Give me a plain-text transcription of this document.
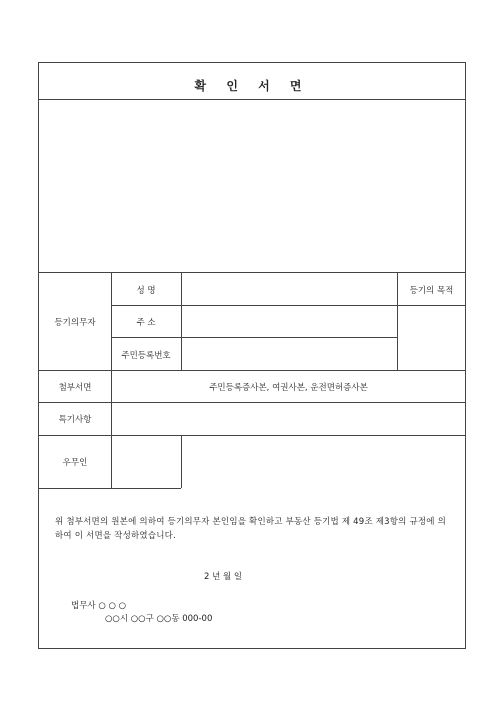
확 인 서 면
등기의무자
성 명
주 소
주민등록번호
등기의 목적
첨부서면	주민등록증사본, 여권사본, 운전면허증사본
특기사항
우무인
위 첨부서면의 원본에 의하여 등기의무자 본인임을 확인하고 부동산 등기법 제 49조 제3항의 규정에 의하여 이 서면을 작성하였습니다.
2 년 월 일
법무사 ○ ○ ○
○○시 ○○구 ○○동 000-00
